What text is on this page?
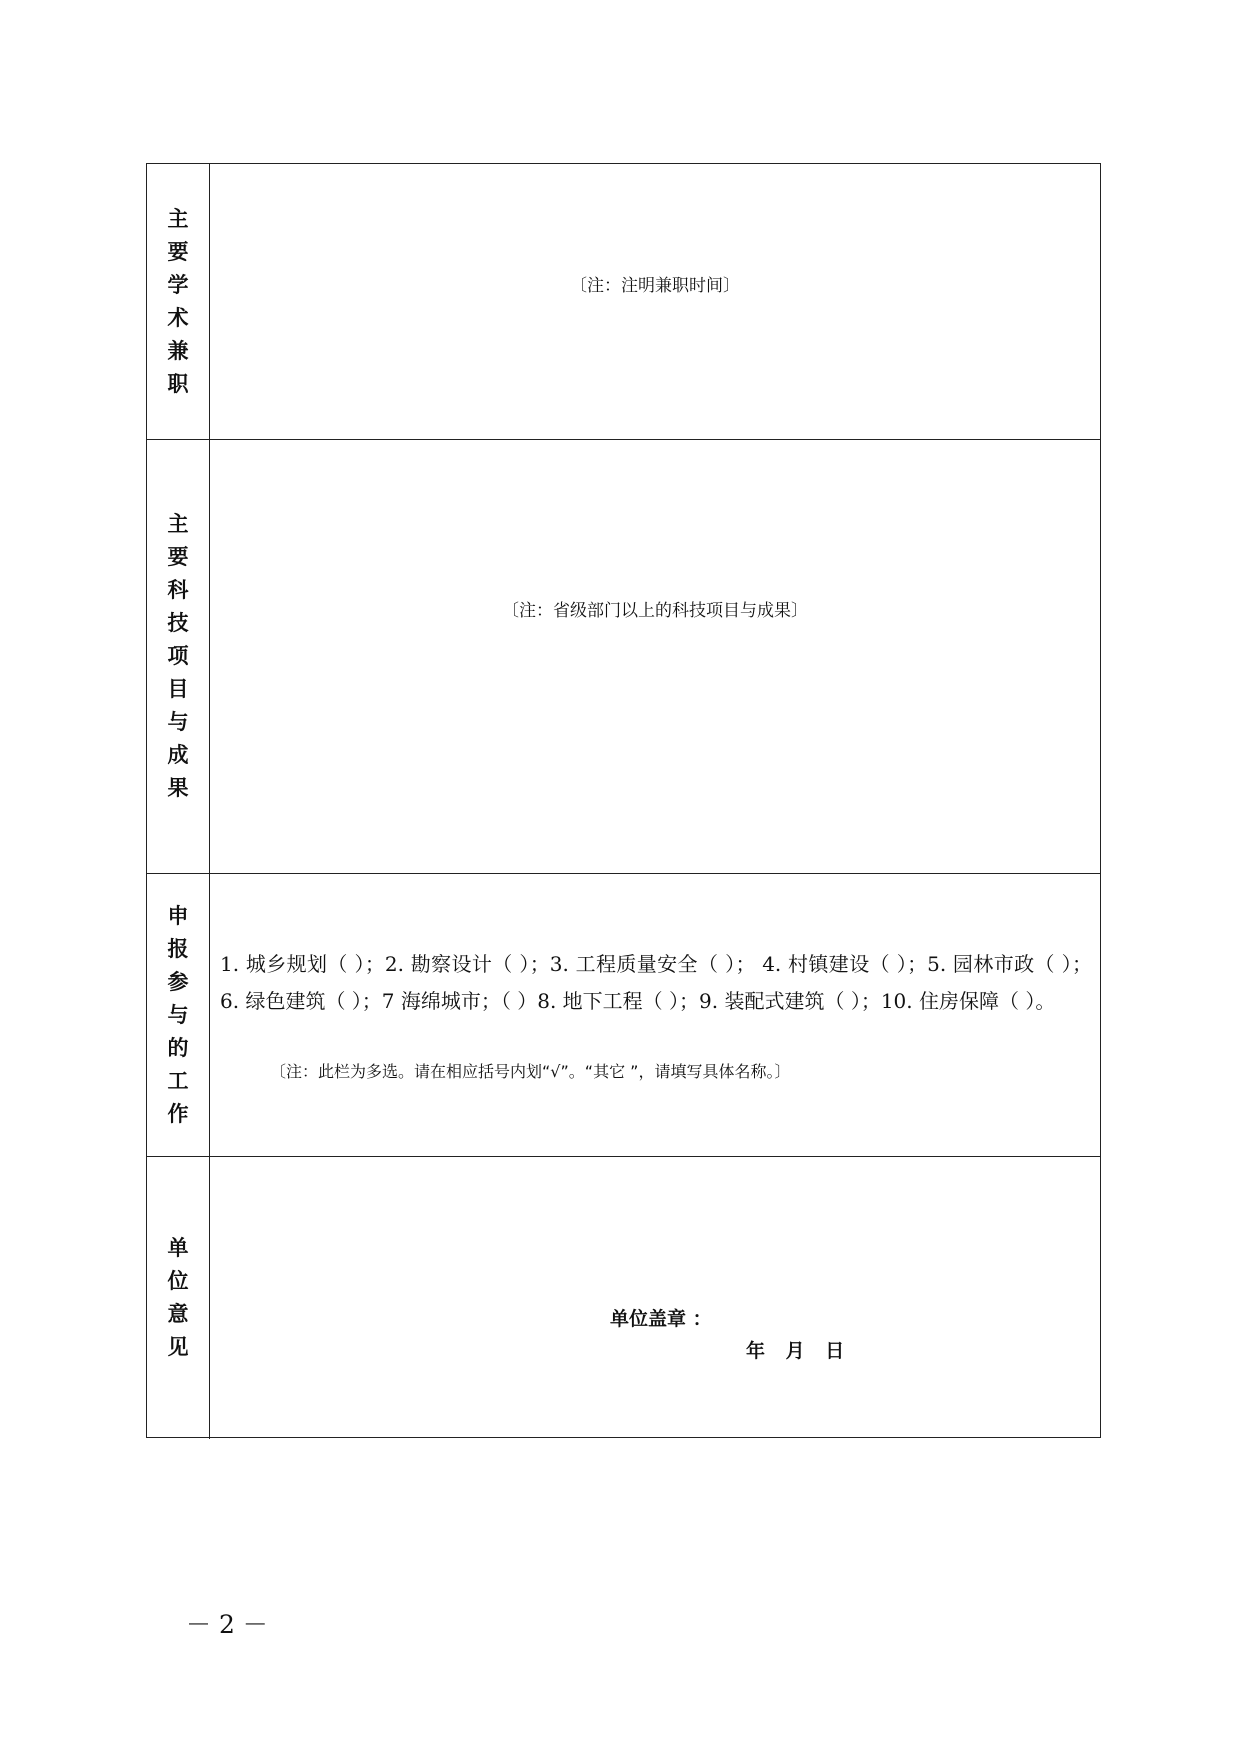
主
要
学
术
兼
职
〔注：注明兼职时间〕
主
要
科
技
项
目
与
成
果
〔注：省级部门以上的科技项目与成果〕
申
报
参
与
的
工
作
1. 城乡规划（ ）；2. 勘察设计（ ）；3. 工程质量安全（ ）； 4. 村镇建设（ ）；5. 园林市政（ ）；6. 绿色建筑（ ）；7 海绵城市；（ ）8. 地下工程（ ）；9. 装配式建筑（ ）；10. 住房保障（ ）。
〔注：此栏为多选。请在相应括号内划“√”。“其它 ”，请填写具体名称。〕
单
位
意
见
单位盖章 ：
年 月 日
－ 2 －
